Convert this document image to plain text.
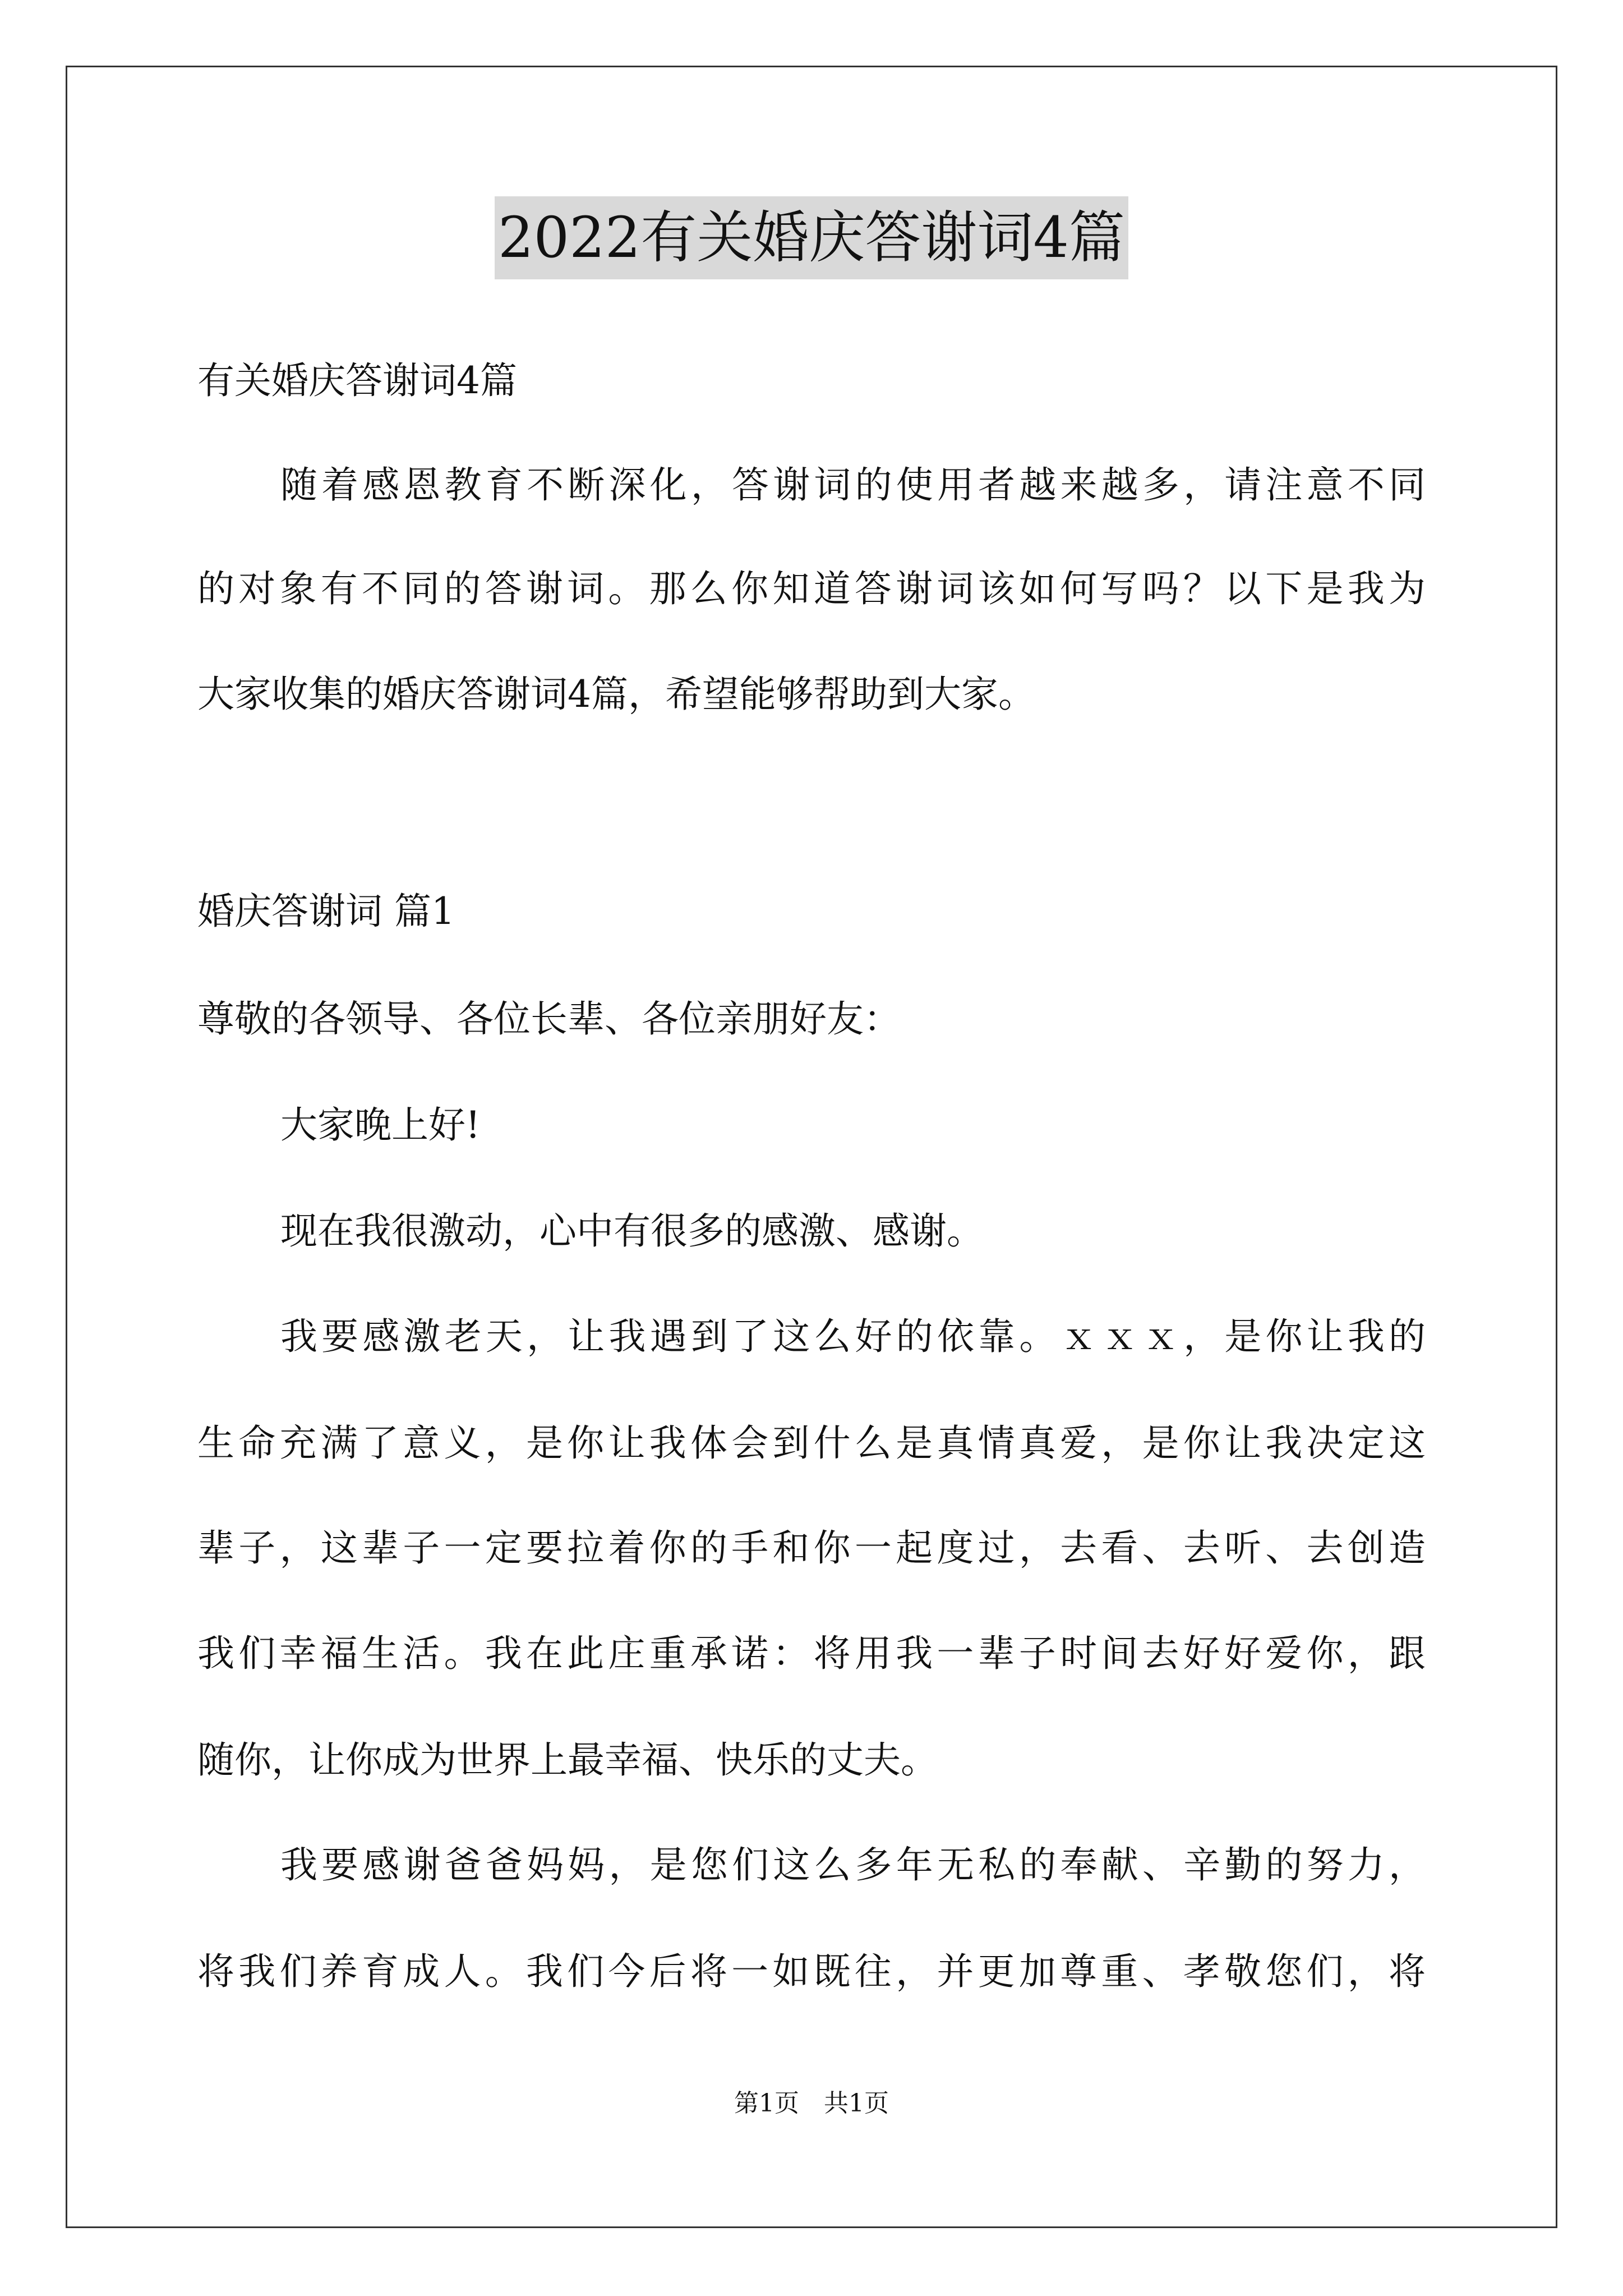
2022有关婚庆答谢词4篇
有关婚庆答谢词4篇
随着感恩教育不断深化，答谢词的使用者越来越多，请注意不同
的对象有不同的答谢词。那么你知道答谢词该如何写吗？以下是我为
大家收集的婚庆答谢词4篇，希望能够帮助到大家。
婚庆答谢词 篇1
尊敬的各领导、各位长辈、各位亲朋好友：
大家晚上好!
现在我很激动，心中有很多的感激、感谢。
我要感激老天，让我遇到了这么好的依靠。ｘｘｘ，是你让我的
生命充满了意义，是你让我体会到什么是真情真爱，是你让我决定这
辈子，这辈子一定要拉着你的手和你一起度过，去看、去听、去创造
我们幸福生活。我在此庄重承诺：将用我一辈子时间去好好爱你，跟
随你，让你成为世界上最幸福、快乐的丈夫。
我要感谢爸爸妈妈，是您们这么多年无私的奉献、辛勤的努力，
将我们养育成人。我们今后将一如既往，并更加尊重、孝敬您们，将
第1页　共1页
